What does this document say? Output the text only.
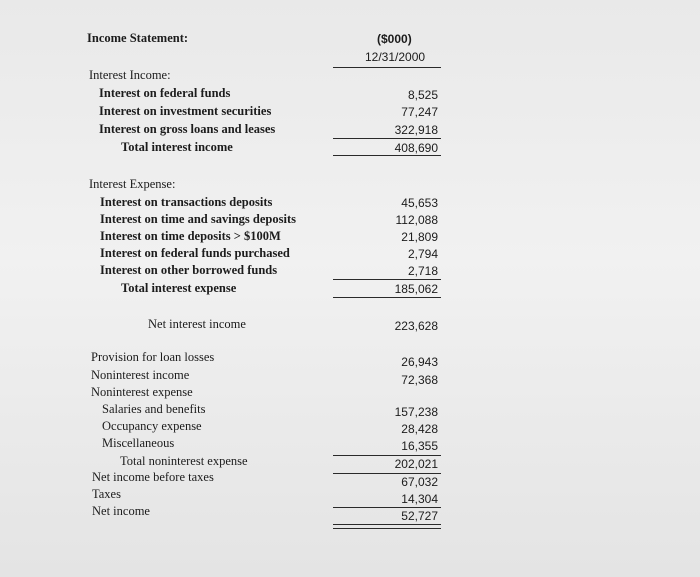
Income Statement:	($000)
12/31/2000
Interest Income:
Interest on federal funds	8,525
Interest on investment securities	77,247
Interest on gross loans and leases	322,918
Total interest income	408,690
Interest Expense:
Interest on transactions deposits	45,653
Interest on time and savings deposits	112,088
Interest on time deposits > $100M	21,809
Interest on federal funds purchased	2,794
Interest on other borrowed funds	2,718
Total interest expense	185,062
Net interest income	223,628
Provision for loan losses	26,943
Noninterest income	72,368
Noninterest expense
Salaries and benefits	157,238
Occupancy expense	28,428
Miscellaneous	16,355
Total noninterest expense	202,021
Net income before taxes	67,032
Taxes	14,304
Net income	52,727
